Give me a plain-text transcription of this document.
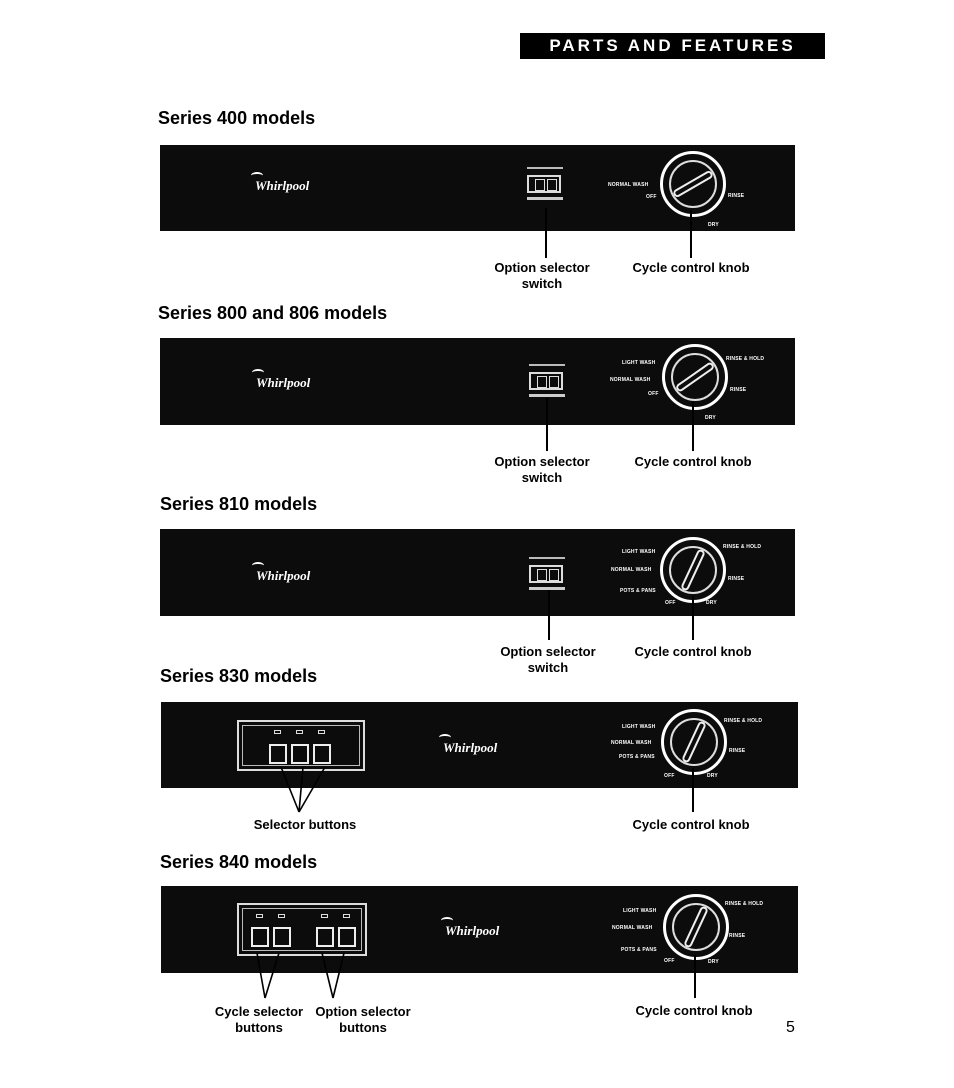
PARTS AND FEATURES
Series 400 models
Whirlpool	NORMAL WASH
OFF	RINSE
DRY
Option selector
switch
Cycle control knob
Series 800 and 806 models
Whirlpool
LIGHT WASH
NORMAL WASH
OFF
RINSE & HOLD
RINSE
DRY
Option selector
switch
Cycle control knob
Series 810 models
Whirlpool
LIGHT WASH
NORMAL WASH
POTS & PANS
OFF
RINSE & HOLD
RINSE
DRY
Option selector
switch
Cycle control knob
Series 830 models
Whirlpool
LIGHT WASH
NORMAL WASH
POTS & PANS
OFF
RINSE & HOLD
RINSE
DRY
Selector buttons	Cycle control knob
Series 840 models
Whirlpool
LIGHT WASH
NORMAL WASH
POTS & PANS
OFF
RINSE & HOLD
RINSE
DRY
Cycle selector
buttons
Option selector
buttons
Cycle control knob
5
